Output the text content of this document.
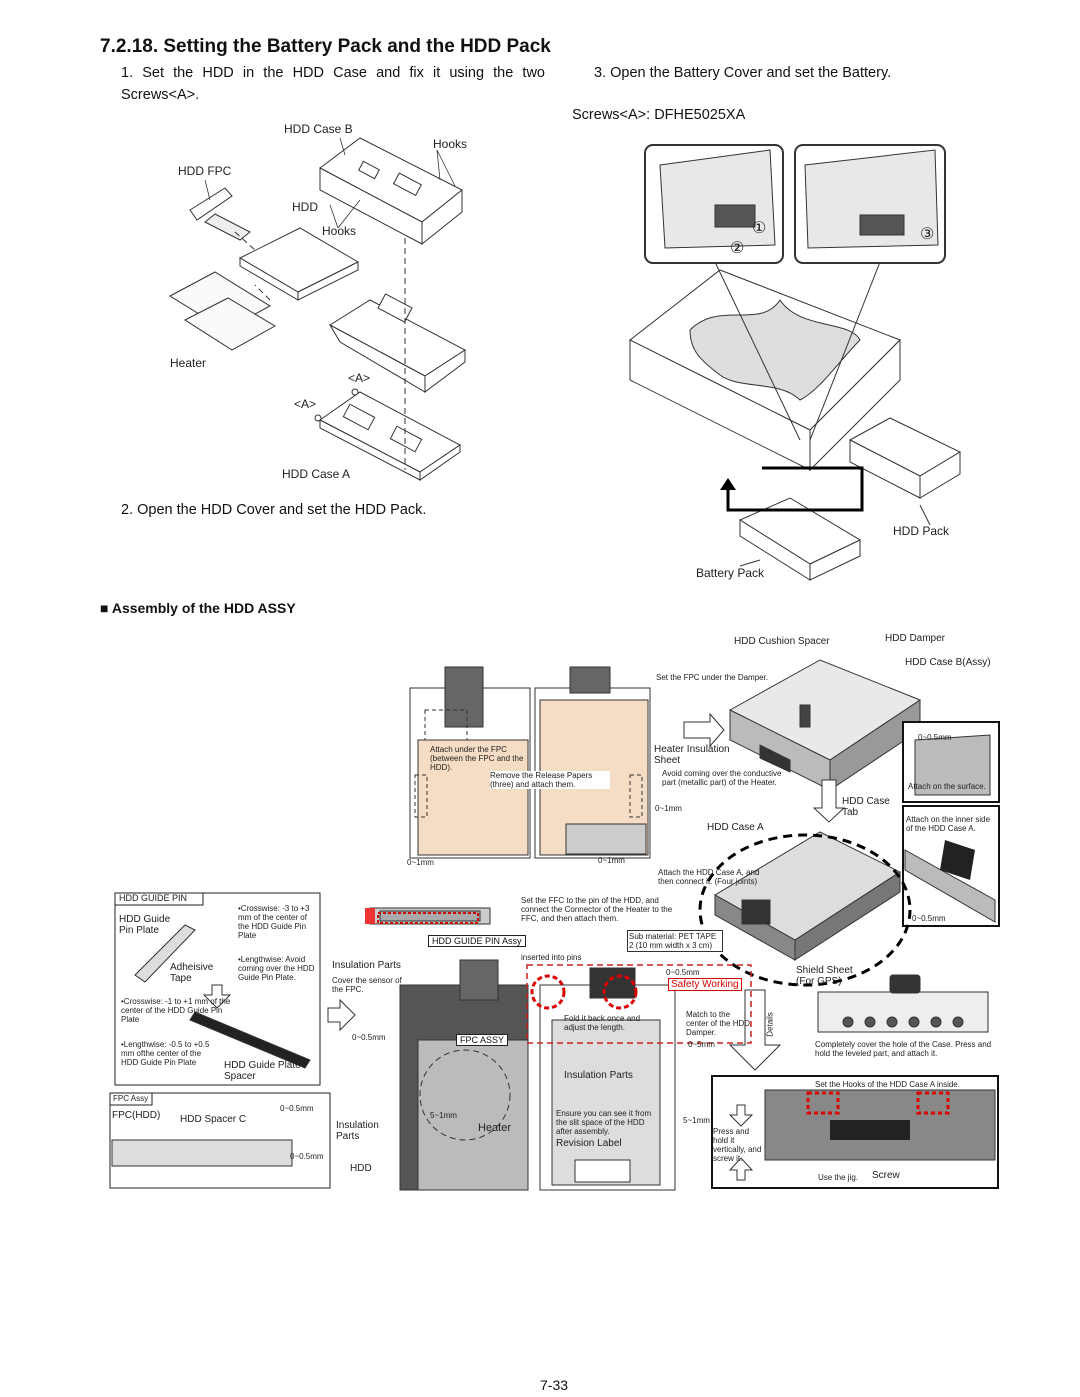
7.2.18. Setting the Battery Pack and the HDD Pack
1. Set the HDD in the HDD Case and fix it using the two Screws<A>.
3. Open the Battery Cover and set the Battery.
Screws<A>: DFHE5025XA
2. Open the HDD Cover and set the HDD Pack.
HDD Case B
Hooks
HDD FPC
HDD
Hooks
Heater
<A>
<A>
HDD Case A
①
②
③
HDD Pack
Battery Pack
■ Assembly of the HDD ASSY
HDD Cushion Spacer	HDD Damper
HDD Case B(Assy)
Set the FPC under the Damper.
Attach under the FPC (between the FPC and the HDD).
Remove the Release Papers (three) and attach them.
Heater Insulation Sheet
Avoid coming over the conductive part (metallic part) of the Heater.
0~1mm
0~1mm	0~1mm
HDD Case Tab
HDD Case A
0~0.5mm
Attach on the surface.
Attach on the inner side of the HDD Case A.
0~0.5mm
Attach the HDD Case A, and then connect it. (Four joints)
Set the FFC to the pin of the HDD, and connect the Connector of the Heater to the FFC, and then attach them.
HDD GUIDE PIN Assy	Sub material: PET TAPE 2 (10 mm width x 3 cm)
inserted into pins
Shield Sheet (For GPS)
Insulation Parts
Cover the sensor of the FPC.
0~0.5mm
0~0.5mm
Safety Working
Fold it back once and adjust the length.
Match to the center of the HDD Damper.
0~5mm
Details
Completely cover the hole of the Case. Press and hold the leveled part, and attach it.
FPC ASSY
Insulation Parts
Set the Hooks of the HDD Case A inside.
Insulation Parts
5~1mm
Heater
Ensure you can see it from the slit space of the HDD after assembly.
Revision Label
5~1mm
Press and hold it vertically, and screw it.
HDD
Use the jig. Screw
HDD GUIDE PIN
HDD Guide Pin Plate
Adheisive Tape
•Crosswise: -3 to +3 mm of the center of the HDD Guide Pin Plate
•Lengthwise: Avoid coming over the HDD Guide Pin Plate.
•Crosswise: -1 to +1 mm of the center of the HDD Guide Pin Plate
•Lengthwise: -0.5 to +0.5 mm ofthe center of the HDD Guide Pin Plate	HDD Guide Plate Spacer
FPC Assy
FPC(HDD) HDD Spacer C
0~0.5mm
0~0.5mm
7-33
